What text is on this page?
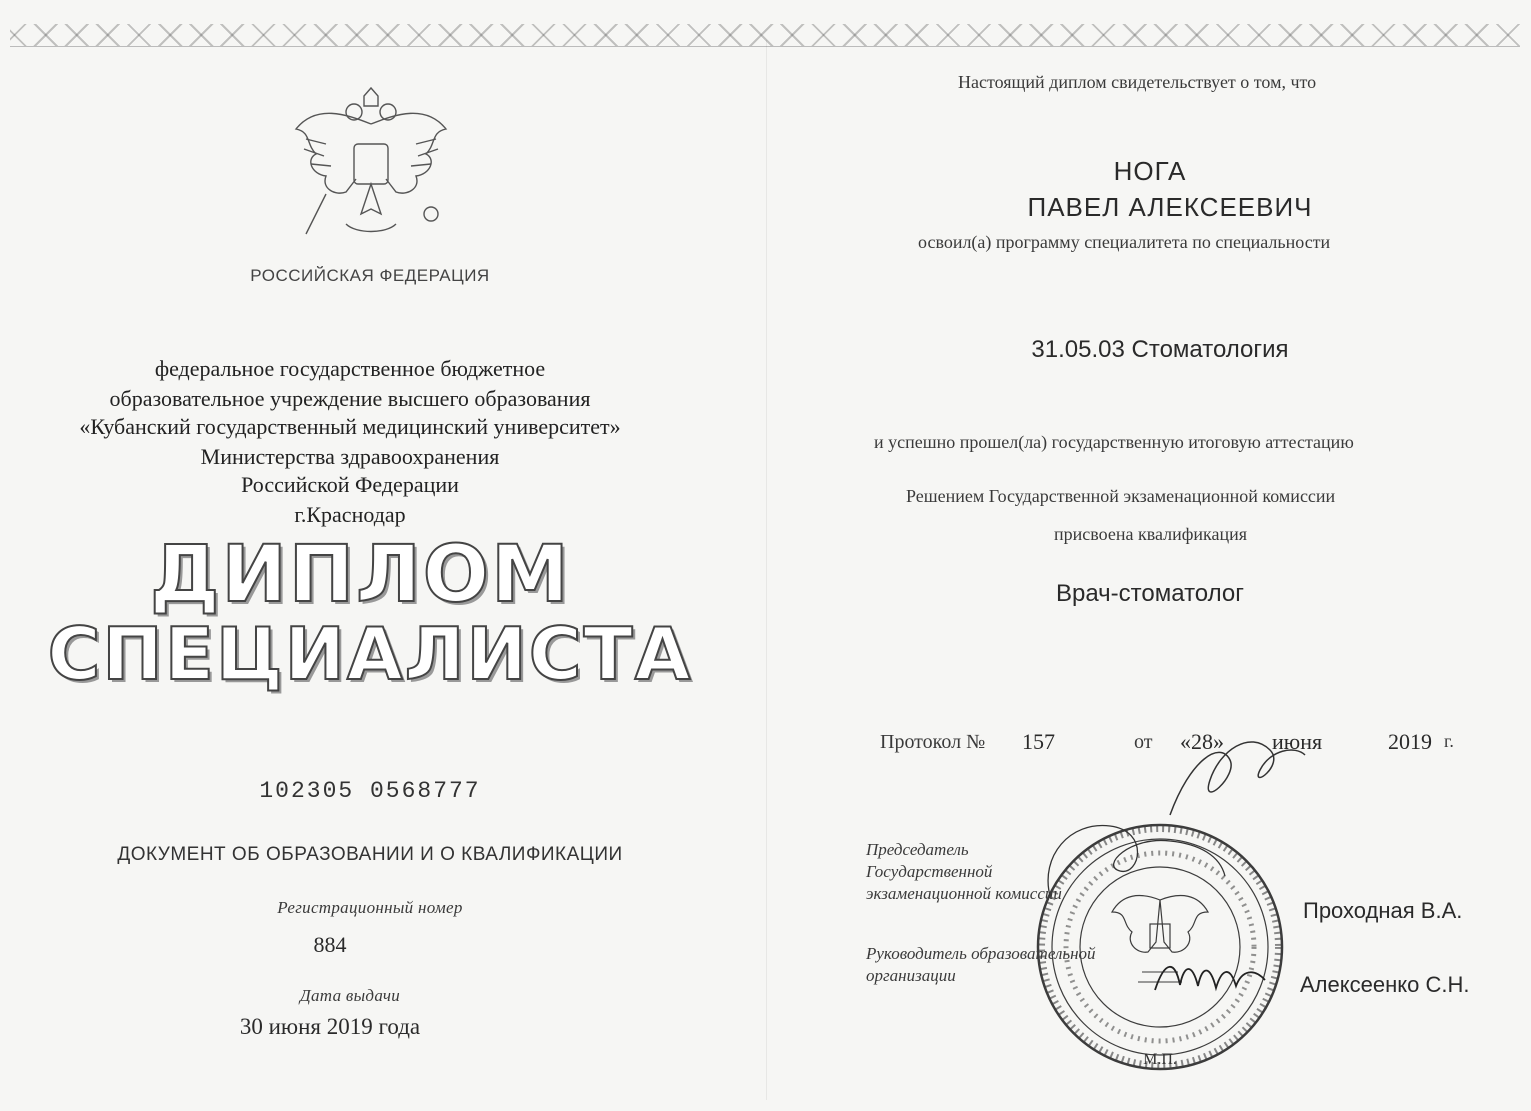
РОССИЙСКАЯ ФЕДЕРАЦИЯ
федеральное государственное бюджетное
образовательное учреждение высшего образования
«Кубанский государственный медицинский университет»
Министерства здравоохранения
Российской Федерации
г.Краснодар
ДИПЛОМ
СПЕЦИАЛИСТА
102305 0568777
ДОКУМЕНТ ОБ ОБРАЗОВАНИИ И О КВАЛИФИКАЦИИ
Регистрационный номер
884
Дата выдачи
30 июня 2019 года
Настоящий диплом свидетельствует о том, что
НОГА
ПАВЕЛ АЛЕКСЕЕВИЧ
освоил(а) программу специалитета по специальности
31.05.03 Стоматология
и успешно прошел(ла) государственную итоговую аттестацию
Решением Государственной экзаменационной комиссии
присвоена квалификация
Врач-стоматолог
Протокол № 157	от «28» июня	2019 г.
Председатель
Государственной
экзаменационной комиссии
Проходная В.А.
Руководитель образовательной
организации	Алексеенко С.Н.
М.П.
